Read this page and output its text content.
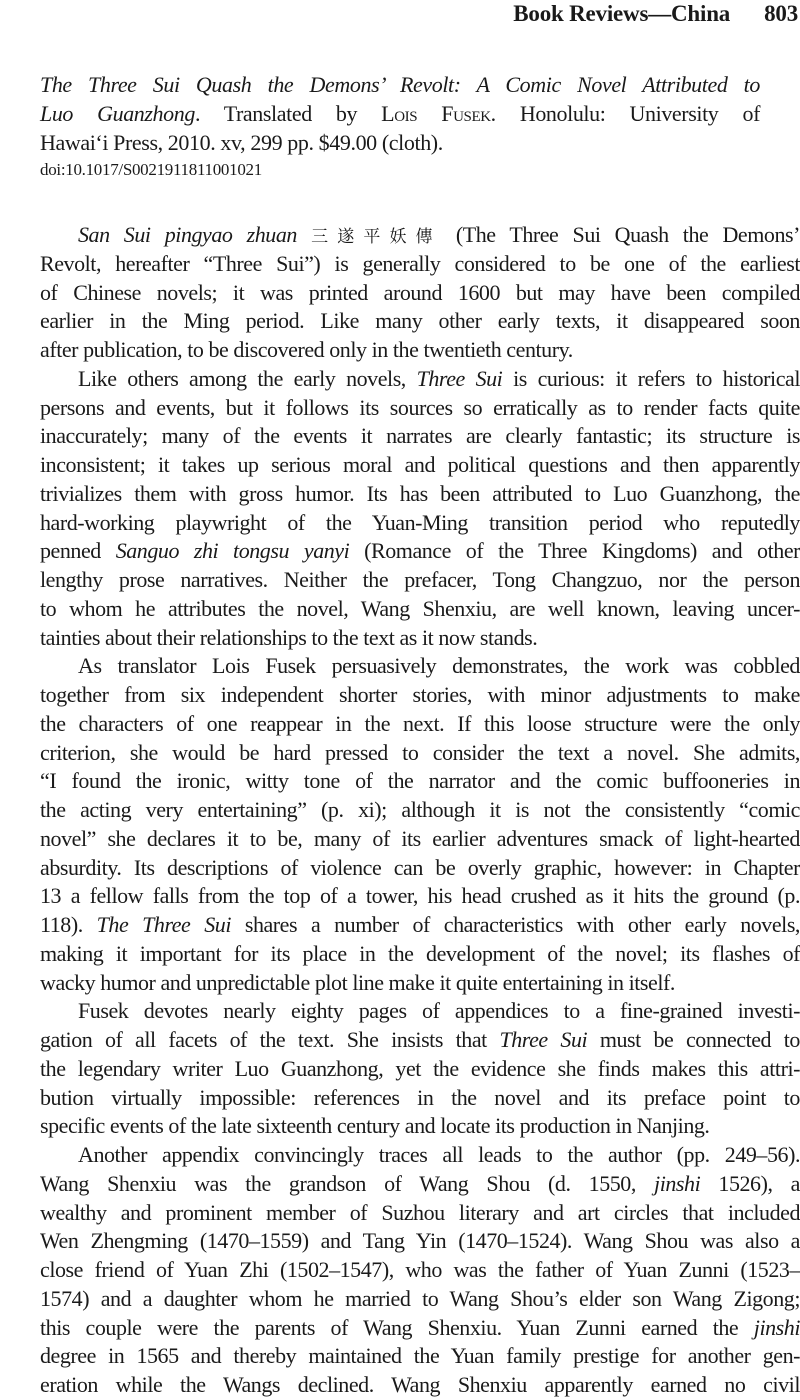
Book Reviews—China 803
The Three Sui Quash the Demons’ Revolt: A Comic Novel Attributed to
Luo Guanzhong. Translated by Lois Fusek. Honolulu: University of
Hawai‘i Press, 2010. xv, 299 pp. $49.00 (cloth).
doi:10.1017/S0021911811001021
San Sui pingyao zhuan 三遂平妖傳 (The Three Sui Quash the Demons’
Revolt, hereafter “Three Sui”) is generally considered to be one of the earliest
of Chinese novels; it was printed around 1600 but may have been compiled
earlier in the Ming period. Like many other early texts, it disappeared soon
after publication, to be discovered only in the twentieth century.
Like others among the early novels, Three Sui is curious: it refers to historical
persons and events, but it follows its sources so erratically as to render facts quite
inaccurately; many of the events it narrates are clearly fantastic; its structure is
inconsistent; it takes up serious moral and political questions and then apparently
trivializes them with gross humor. Its has been attributed to Luo Guanzhong, the
hard-working playwright of the Yuan-Ming transition period who reputedly
penned Sanguo zhi tongsu yanyi (Romance of the Three Kingdoms) and other
lengthy prose narratives. Neither the prefacer, Tong Changzuo, nor the person
to whom he attributes the novel, Wang Shenxiu, are well known, leaving uncer-
tainties about their relationships to the text as it now stands.
As translator Lois Fusek persuasively demonstrates, the work was cobbled
together from six independent shorter stories, with minor adjustments to make
the characters of one reappear in the next. If this loose structure were the only
criterion, she would be hard pressed to consider the text a novel. She admits,
“I found the ironic, witty tone of the narrator and the comic buffooneries in
the acting very entertaining” (p. xi); although it is not the consistently “comic
novel” she declares it to be, many of its earlier adventures smack of light-hearted
absurdity. Its descriptions of violence can be overly graphic, however: in Chapter
13 a fellow falls from the top of a tower, his head crushed as it hits the ground (p.
118). The Three Sui shares a number of characteristics with other early novels,
making it important for its place in the development of the novel; its flashes of
wacky humor and unpredictable plot line make it quite entertaining in itself.
Fusek devotes nearly eighty pages of appendices to a fine-grained investi-
gation of all facets of the text. She insists that Three Sui must be connected to
the legendary writer Luo Guanzhong, yet the evidence she finds makes this attri-
bution virtually impossible: references in the novel and its preface point to
specific events of the late sixteenth century and locate its production in Nanjing.
Another appendix convincingly traces all leads to the author (pp. 249–56).
Wang Shenxiu was the grandson of Wang Shou (d. 1550, jinshi 1526), a
wealthy and prominent member of Suzhou literary and art circles that included
Wen Zhengming (1470–1559) and Tang Yin (1470–1524). Wang Shou was also a
close friend of Yuan Zhi (1502–1547), who was the father of Yuan Zunni (1523–
1574) and a daughter whom he married to Wang Shou’s elder son Wang Zigong;
this couple were the parents of Wang Shenxiu. Yuan Zunni earned the jinshi
degree in 1565 and thereby maintained the Yuan family prestige for another gen-
eration while the Wangs declined. Wang Shenxiu apparently earned no civil
